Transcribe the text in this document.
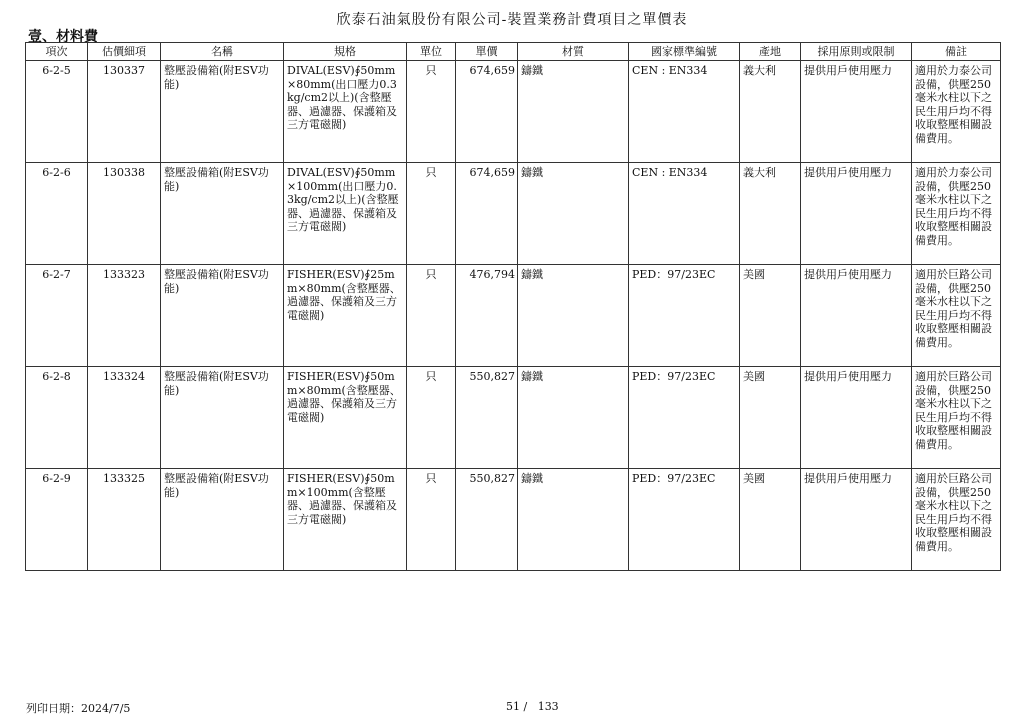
欣泰石油氣股份有限公司-裝置業務計費項目之單價表
壹、材料費
項次	估價細項	名稱	規格	單位	單價	材質	國家標準編號	產地	採用原則或限制	備註
6-2-5	130337	整壓設備箱(附ESV功能)	DIVAL(ESV)∮50mm×80mm(出口壓力0.3kg/cm2以上)(含整壓器、過濾器、保護箱及三方電磁閥)	只	674,659	鑄鐵	CEN : EN334	義大利	提供用戶使用壓力	適用於力泰公司設備，供壓250毫米水柱以下之民生用戶均不得收取整壓相關設備費用。
6-2-6	130338	整壓設備箱(附ESV功能)	DIVAL(ESV)∮50mm×100mm(出口壓力0.3kg/cm2以上)(含整壓器、過濾器、保護箱及三方電磁閥)	只	674,659	鑄鐵	CEN : EN334	義大利	提供用戶使用壓力	適用於力泰公司設備，供壓250毫米水柱以下之民生用戶均不得收取整壓相關設備費用。
6-2-7	133323	整壓設備箱(附ESV功能)	FISHER(ESV)∮25mm×80mm(含整壓器、過濾器、保護箱及三方電磁閥)	只	476,794	鑄鐵	PED：97/23EC	美國	提供用戶使用壓力	適用於巨路公司設備，供壓250毫米水柱以下之民生用戶均不得收取整壓相關設備費用。
6-2-8	133324	整壓設備箱(附ESV功能)	FISHER(ESV)∮50mm×80mm(含整壓器、過濾器、保護箱及三方電磁閥)	只	550,827	鑄鐵	PED：97/23EC	美國	提供用戶使用壓力	適用於巨路公司設備，供壓250毫米水柱以下之民生用戶均不得收取整壓相關設備費用。
6-2-9	133325	整壓設備箱(附ESV功能)	FISHER(ESV)∮50mm×100mm(含整壓器、過濾器、保護箱及三方電磁閥)	只	550,827	鑄鐵	PED：97/23EC	美國	提供用戶使用壓力	適用於巨路公司設備，供壓250毫米水柱以下之民生用戶均不得收取整壓相關設備費用。
列印日期：2024/7/5	51 /   133
